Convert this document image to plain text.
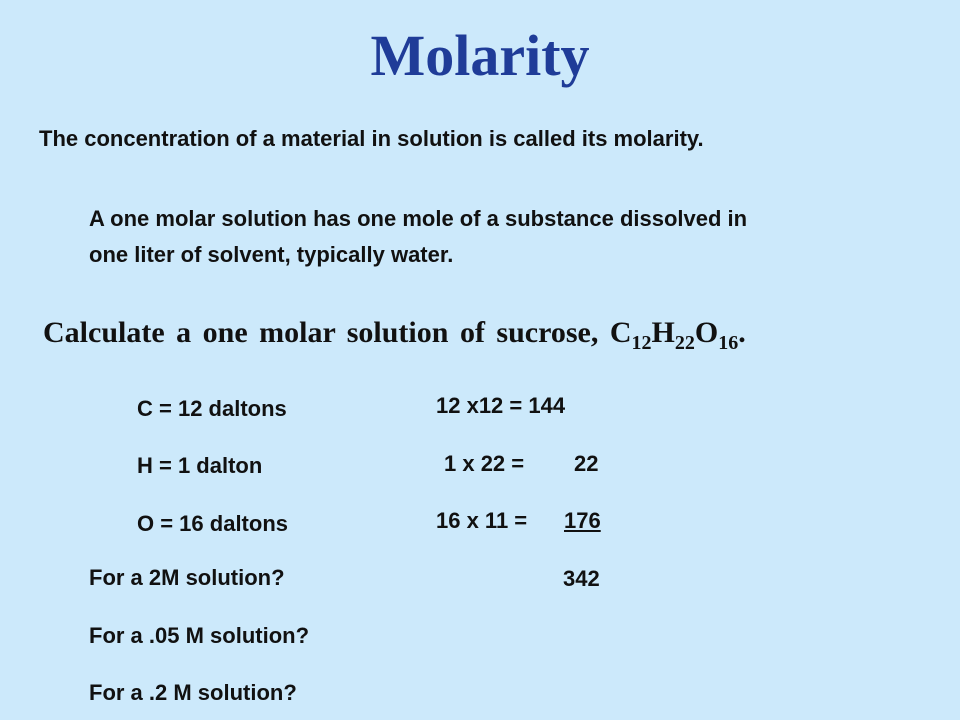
Molarity
The concentration of a material in solution is called its molarity.
A one molar solution has one mole of a substance dissolved in
one liter of solvent, typically water.
Calculate a one molar solution of sucrose, $C_{12}H_{22}O_{16}$.
C = 12 daltons
H = 1 dalton
O = 16 daltons
12 x12 = 144
1 x 22 = 22
16 x 11 = 176
342
For a 2M solution?
For a .05 M solution?
For a .2 M solution?
